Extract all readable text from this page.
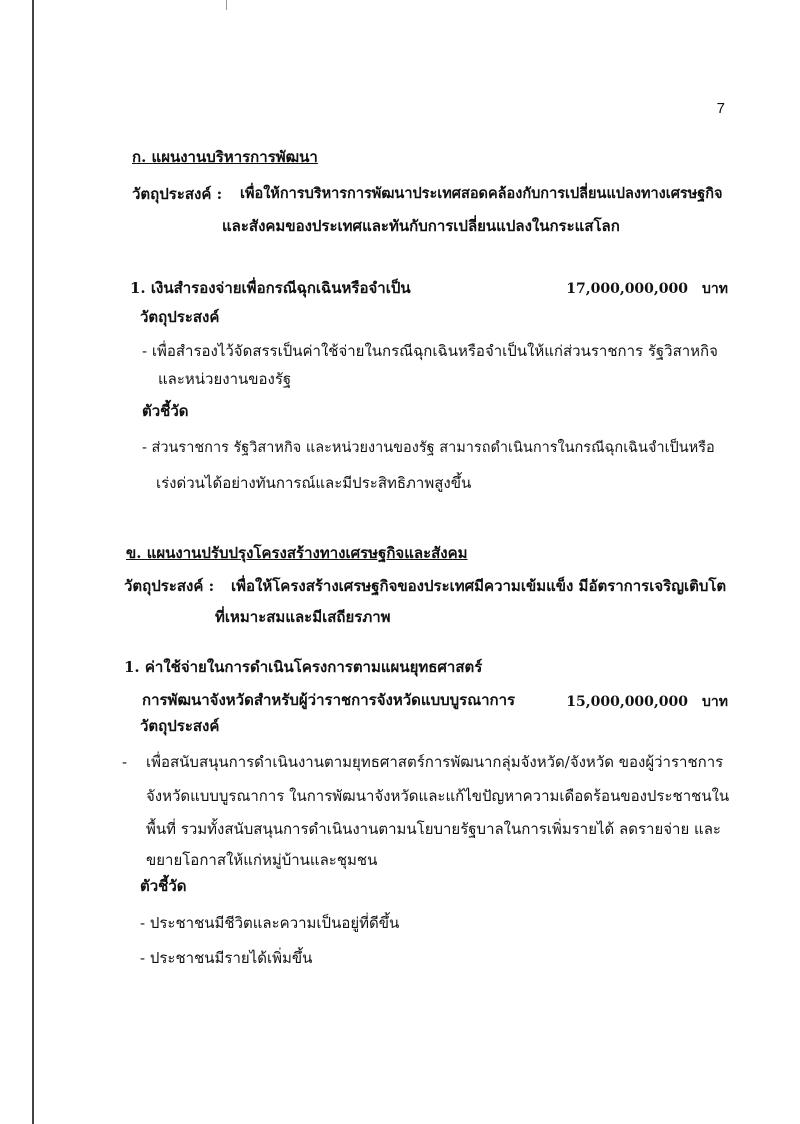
7
ก. แผนงานบริหารการพัฒนา
วัตถุประสงค์ : เพื่อให้การบริหารการพัฒนาประเทศสอดคล้องกับการเปลี่ยนแปลงทางเศรษฐกิจ
และสังคมของประเทศและทันกับการเปลี่ยนแปลงในกระแสโลก
1. เงินสำรองจ่ายเพื่อกรณีฉุกเฉินหรือจำเป็น	17,000,000,000 บาท
วัตถุประสงค์
- เพื่อสำรองไว้จัดสรรเป็นค่าใช้จ่ายในกรณีฉุกเฉินหรือจำเป็นให้แก่ส่วนราชการ รัฐวิสาหกิจ
และหน่วยงานของรัฐ
ตัวชี้วัด
- ส่วนราชการ รัฐวิสาหกิจ และหน่วยงานของรัฐ สามารถดำเนินการในกรณีฉุกเฉินจำเป็นหรือ
เร่งด่วนได้อย่างทันการณ์และมีประสิทธิภาพสูงขึ้น
ข. แผนงานปรับปรุงโครงสร้างทางเศรษฐกิจและสังคม
วัตถุประสงค์ : เพื่อให้โครงสร้างเศรษฐกิจของประเทศมีความเข้มแข็ง มีอัตราการเจริญเติบโต
ที่เหมาะสมและมีเสถียรภาพ
1. ค่าใช้จ่ายในการดำเนินโครงการตามแผนยุทธศาสตร์
การพัฒนาจังหวัดสำหรับผู้ว่าราชการจังหวัดแบบบูรณาการ	15,000,000,000 บาท
วัตถุประสงค์
- เพื่อสนับสนุนการดำเนินงานตามยุทธศาสตร์การพัฒนากลุ่มจังหวัด/จังหวัด ของผู้ว่าราชการ
จังหวัดแบบบูรณาการ ในการพัฒนาจังหวัดและแก้ไขปัญหาความเดือดร้อนของประชาชนใน
พื้นที่ รวมทั้งสนับสนุนการดำเนินงานตามนโยบายรัฐบาลในการเพิ่มรายได้ ลดรายจ่าย และ
ขยายโอกาสให้แก่หมู่บ้านและชุมชน
ตัวชี้วัด
- ประชาชนมีชีวิตและความเป็นอยู่ที่ดีขึ้น
- ประชาชนมีรายได้เพิ่มขึ้น
